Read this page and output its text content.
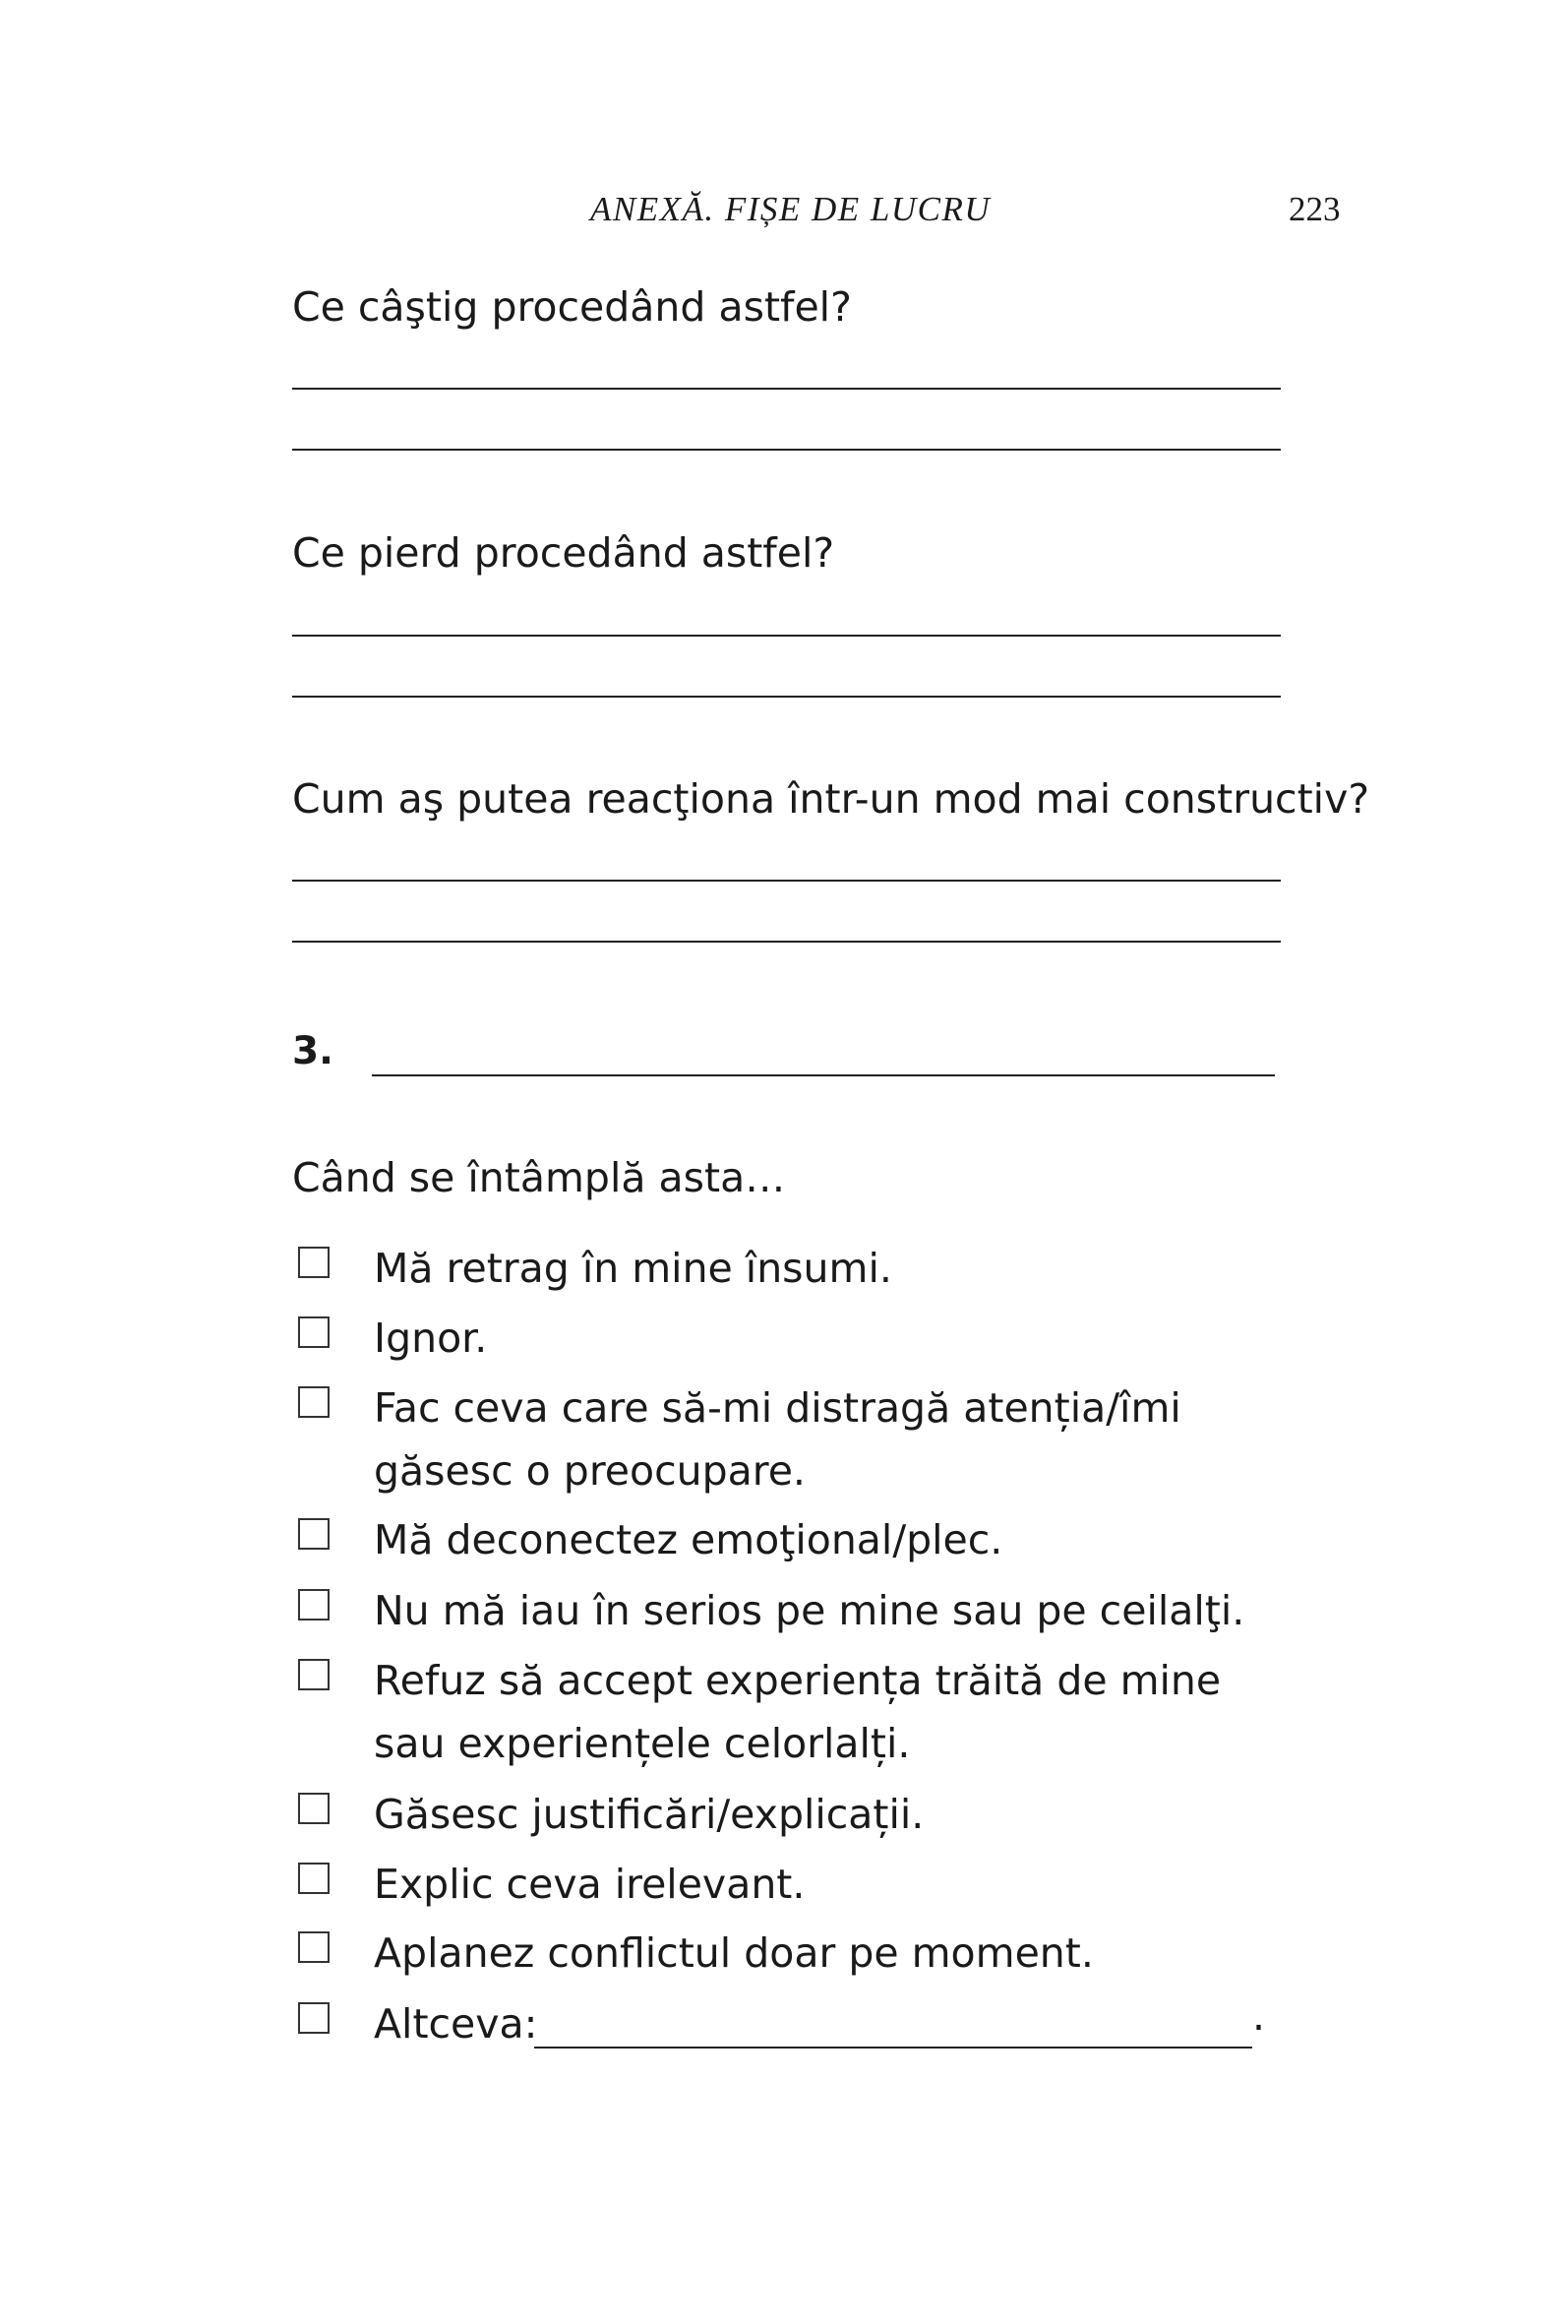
ANEXĂ. FIȘE DE LUCRU	223
Ce câştig procedând astfel?
Ce pierd procedând astfel?
Cum aş putea reacţiona într-un mod mai constructiv?
3.
Când se întâmplă asta…
Mă retrag în mine însumi.
Ignor.
Fac ceva care să-mi distragă atenția/îmi găsesc o preocupare.
Mă deconectez emoţional/plec.
Nu mă iau în serios pe mine sau pe ceilalţi.
Refuz să accept experiența trăită de mine sau experiențele celorlalți.
Găsesc justificări/explicații.
Explic ceva irelevant.
Aplanez conflictul doar pe moment.
Altceva:	.
